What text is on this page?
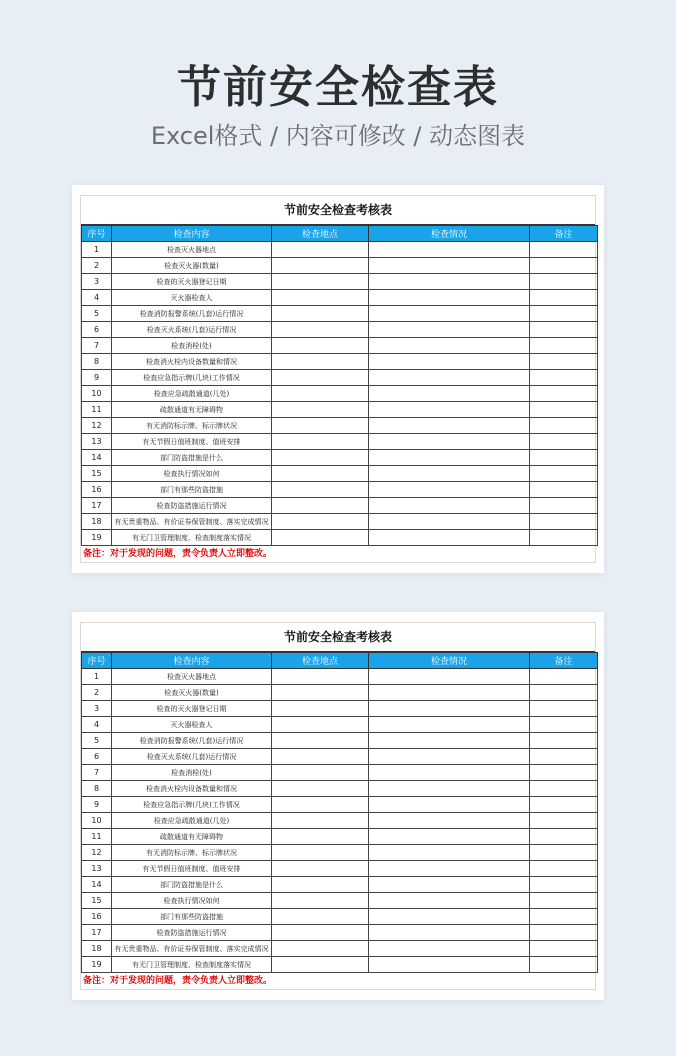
节前安全检查表
Excel格式 / 内容可修改 / 动态图表
节前安全检查考核表
序号	检查内容	检查地点	检查情况	备注
1	检查灭火器地点			
2	检查灭火器(数量)			
3	检查的灭火器登记日期			
4	灭火器检查人			
5	检查消防报警系统(几套)运行情况			
6	检查灭火系统(几套)运行情况			
7	检查消栓(处)			
8	检查消火栓内设备数量和情况			
9	检查应急指示牌(几块)工作情况			
10	检查应急疏散通道(几处)			
11	疏散通道有无障碍物			
12	有无消防标示牌、标示牌状况			
13	有无节假日值班制度、值班安排			
14	部门防盗措施是什么			
15	检查执行情况如何			
16	部门有那些防盗措施			
17	检查防盗措施运行情况			
18	有无贵重物品、有价证券保管制度、落实完成情况			
19	有无门卫管理制度、检查制度落实情况			
备注：对于发现的问题，责令负责人立即整改。
节前安全检查考核表
序号	检查内容	检查地点	检查情况	备注
1	检查灭火器地点			
2	检查灭火器(数量)			
3	检查的灭火器登记日期			
4	灭火器检查人			
5	检查消防报警系统(几套)运行情况			
6	检查灭火系统(几套)运行情况			
7	检查消栓(处)			
8	检查消火栓内设备数量和情况			
9	检查应急指示牌(几块)工作情况			
10	检查应急疏散通道(几处)			
11	疏散通道有无障碍物			
12	有无消防标示牌、标示牌状况			
13	有无节假日值班制度、值班安排			
14	部门防盗措施是什么			
15	检查执行情况如何			
16	部门有那些防盗措施			
17	检查防盗措施运行情况			
18	有无贵重物品、有价证券保管制度、落实完成情况			
19	有无门卫管理制度、检查制度落实情况			
备注：对于发现的问题，责令负责人立即整改。
